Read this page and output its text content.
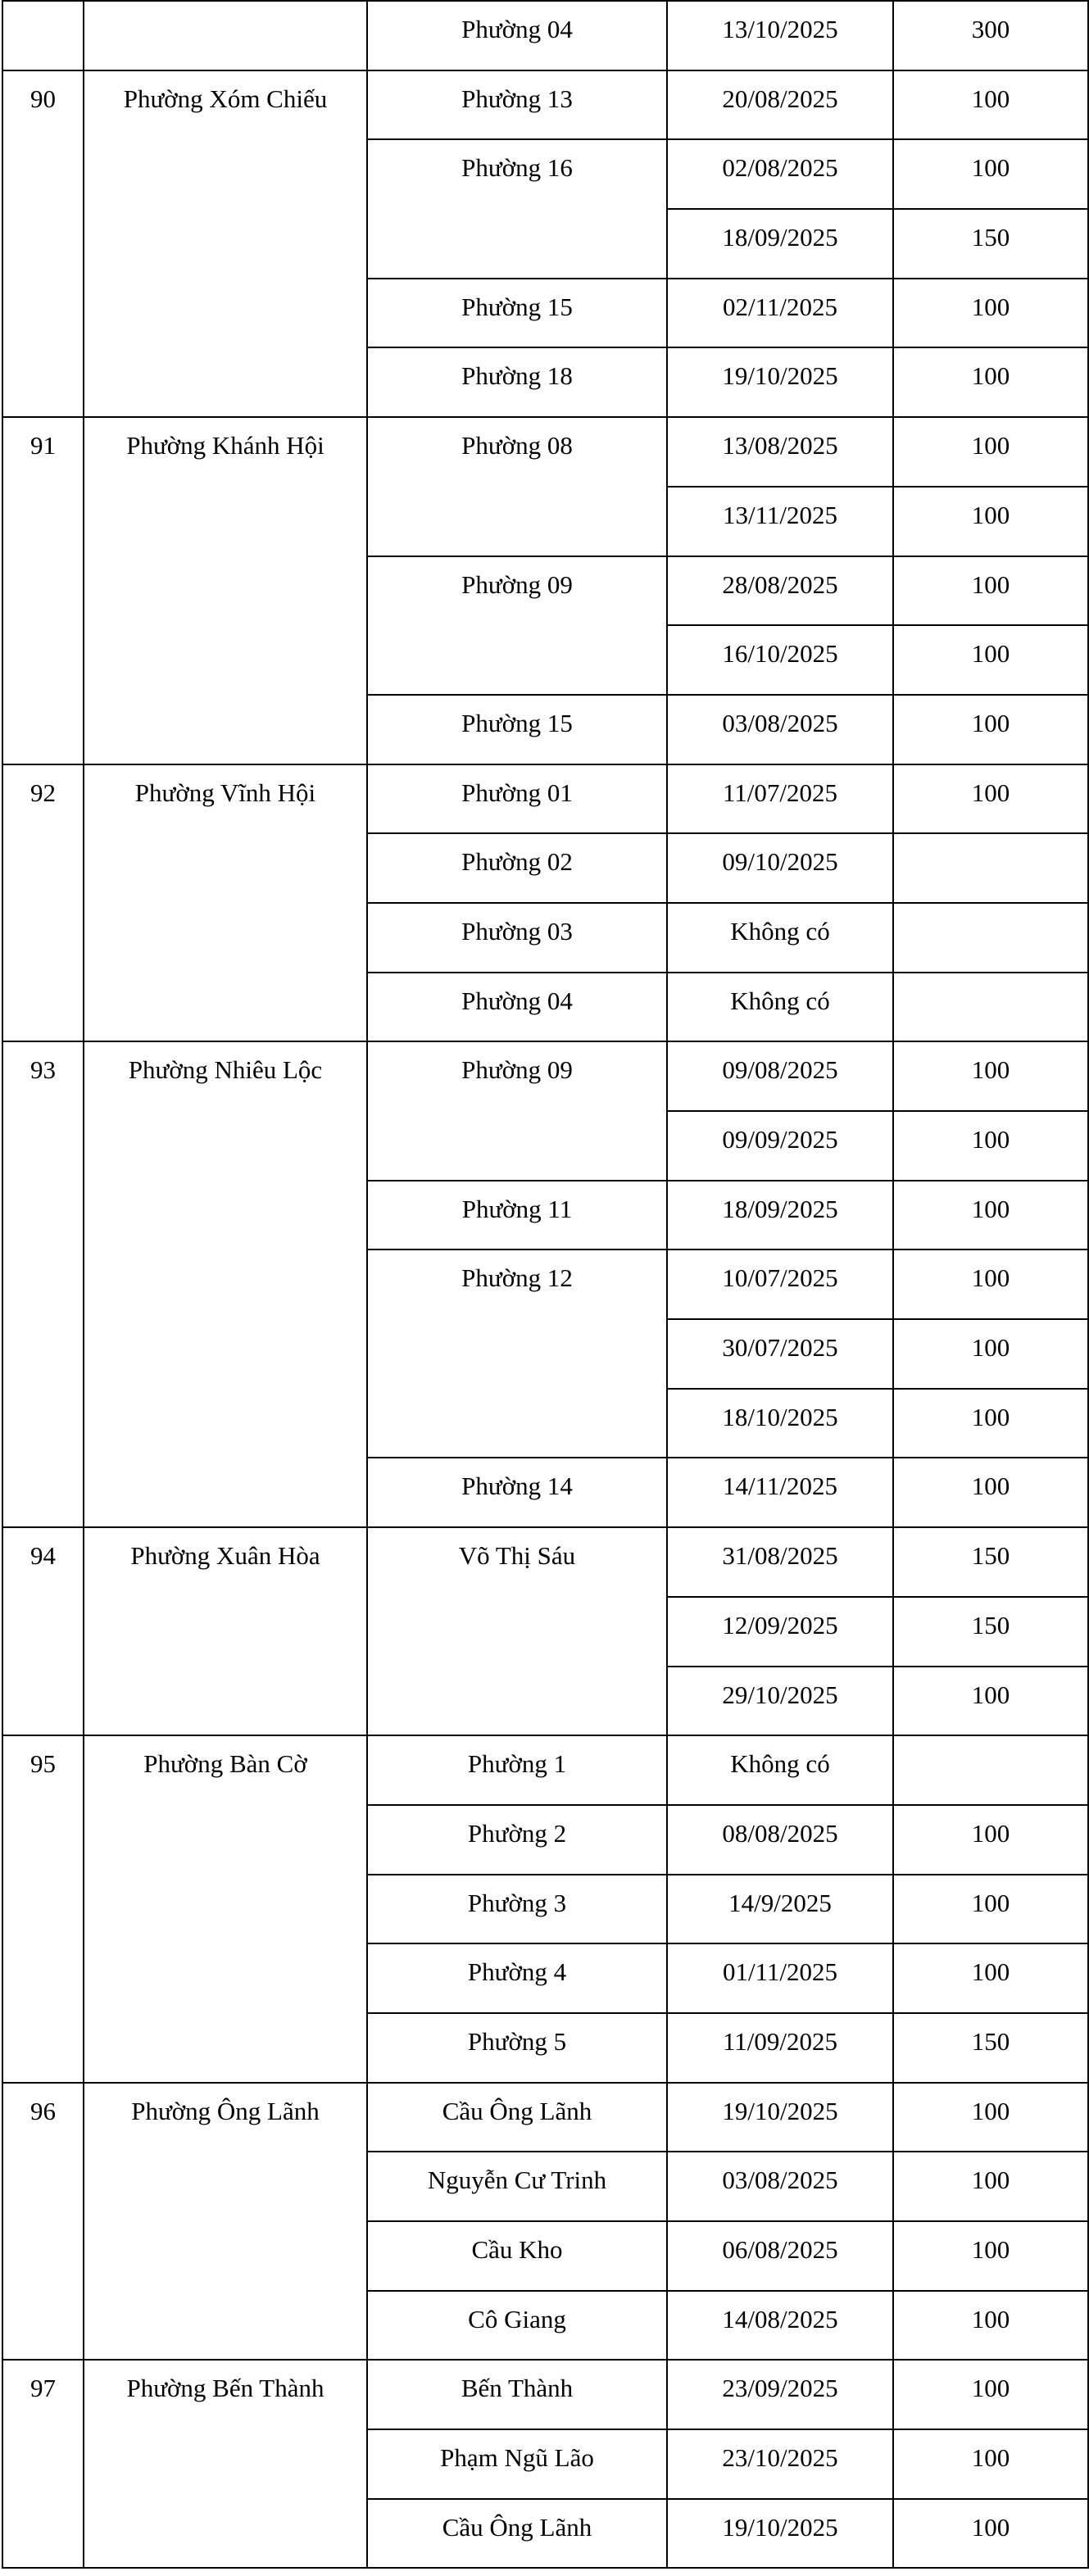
		Phường 04	13/10/2025	300
90	Phường Xóm Chiếu	Phường 13	20/08/2025	100
		Phường 16	02/08/2025	100
			18/09/2025	150
		Phường 15	02/11/2025	100
		Phường 18	19/10/2025	100
91	Phường Khánh Hội	Phường 08	13/08/2025	100
			13/11/2025	100
		Phường 09	28/08/2025	100
			16/10/2025	100
		Phường 15	03/08/2025	100
92	Phường Vĩnh Hội	Phường 01	11/07/2025	100
		Phường 02	09/10/2025	
		Phường 03	Không có	
		Phường 04	Không có	
93	Phường Nhiêu Lộc	Phường 09	09/08/2025	100
			09/09/2025	100
		Phường 11	18/09/2025	100
		Phường 12	10/07/2025	100
			30/07/2025	100
			18/10/2025	100
		Phường 14	14/11/2025	100
94	Phường Xuân Hòa	Võ Thị Sáu	31/08/2025	150
			12/09/2025	150
			29/10/2025	100
95	Phường Bàn Cờ	Phường 1	Không có	
		Phường 2	08/08/2025	100
		Phường 3	14/9/2025	100
		Phường 4	01/11/2025	100
		Phường 5	11/09/2025	150
96	Phường Ông Lãnh	Cầu Ông Lãnh	19/10/2025	100
		Nguyễn Cư Trinh	03/08/2025	100
		Cầu Kho	06/08/2025	100
		Cô Giang	14/08/2025	100
97	Phường Bến Thành	Bến Thành	23/09/2025	100
		Phạm Ngũ Lão	23/10/2025	100
		Cầu Ông Lãnh	19/10/2025	100
